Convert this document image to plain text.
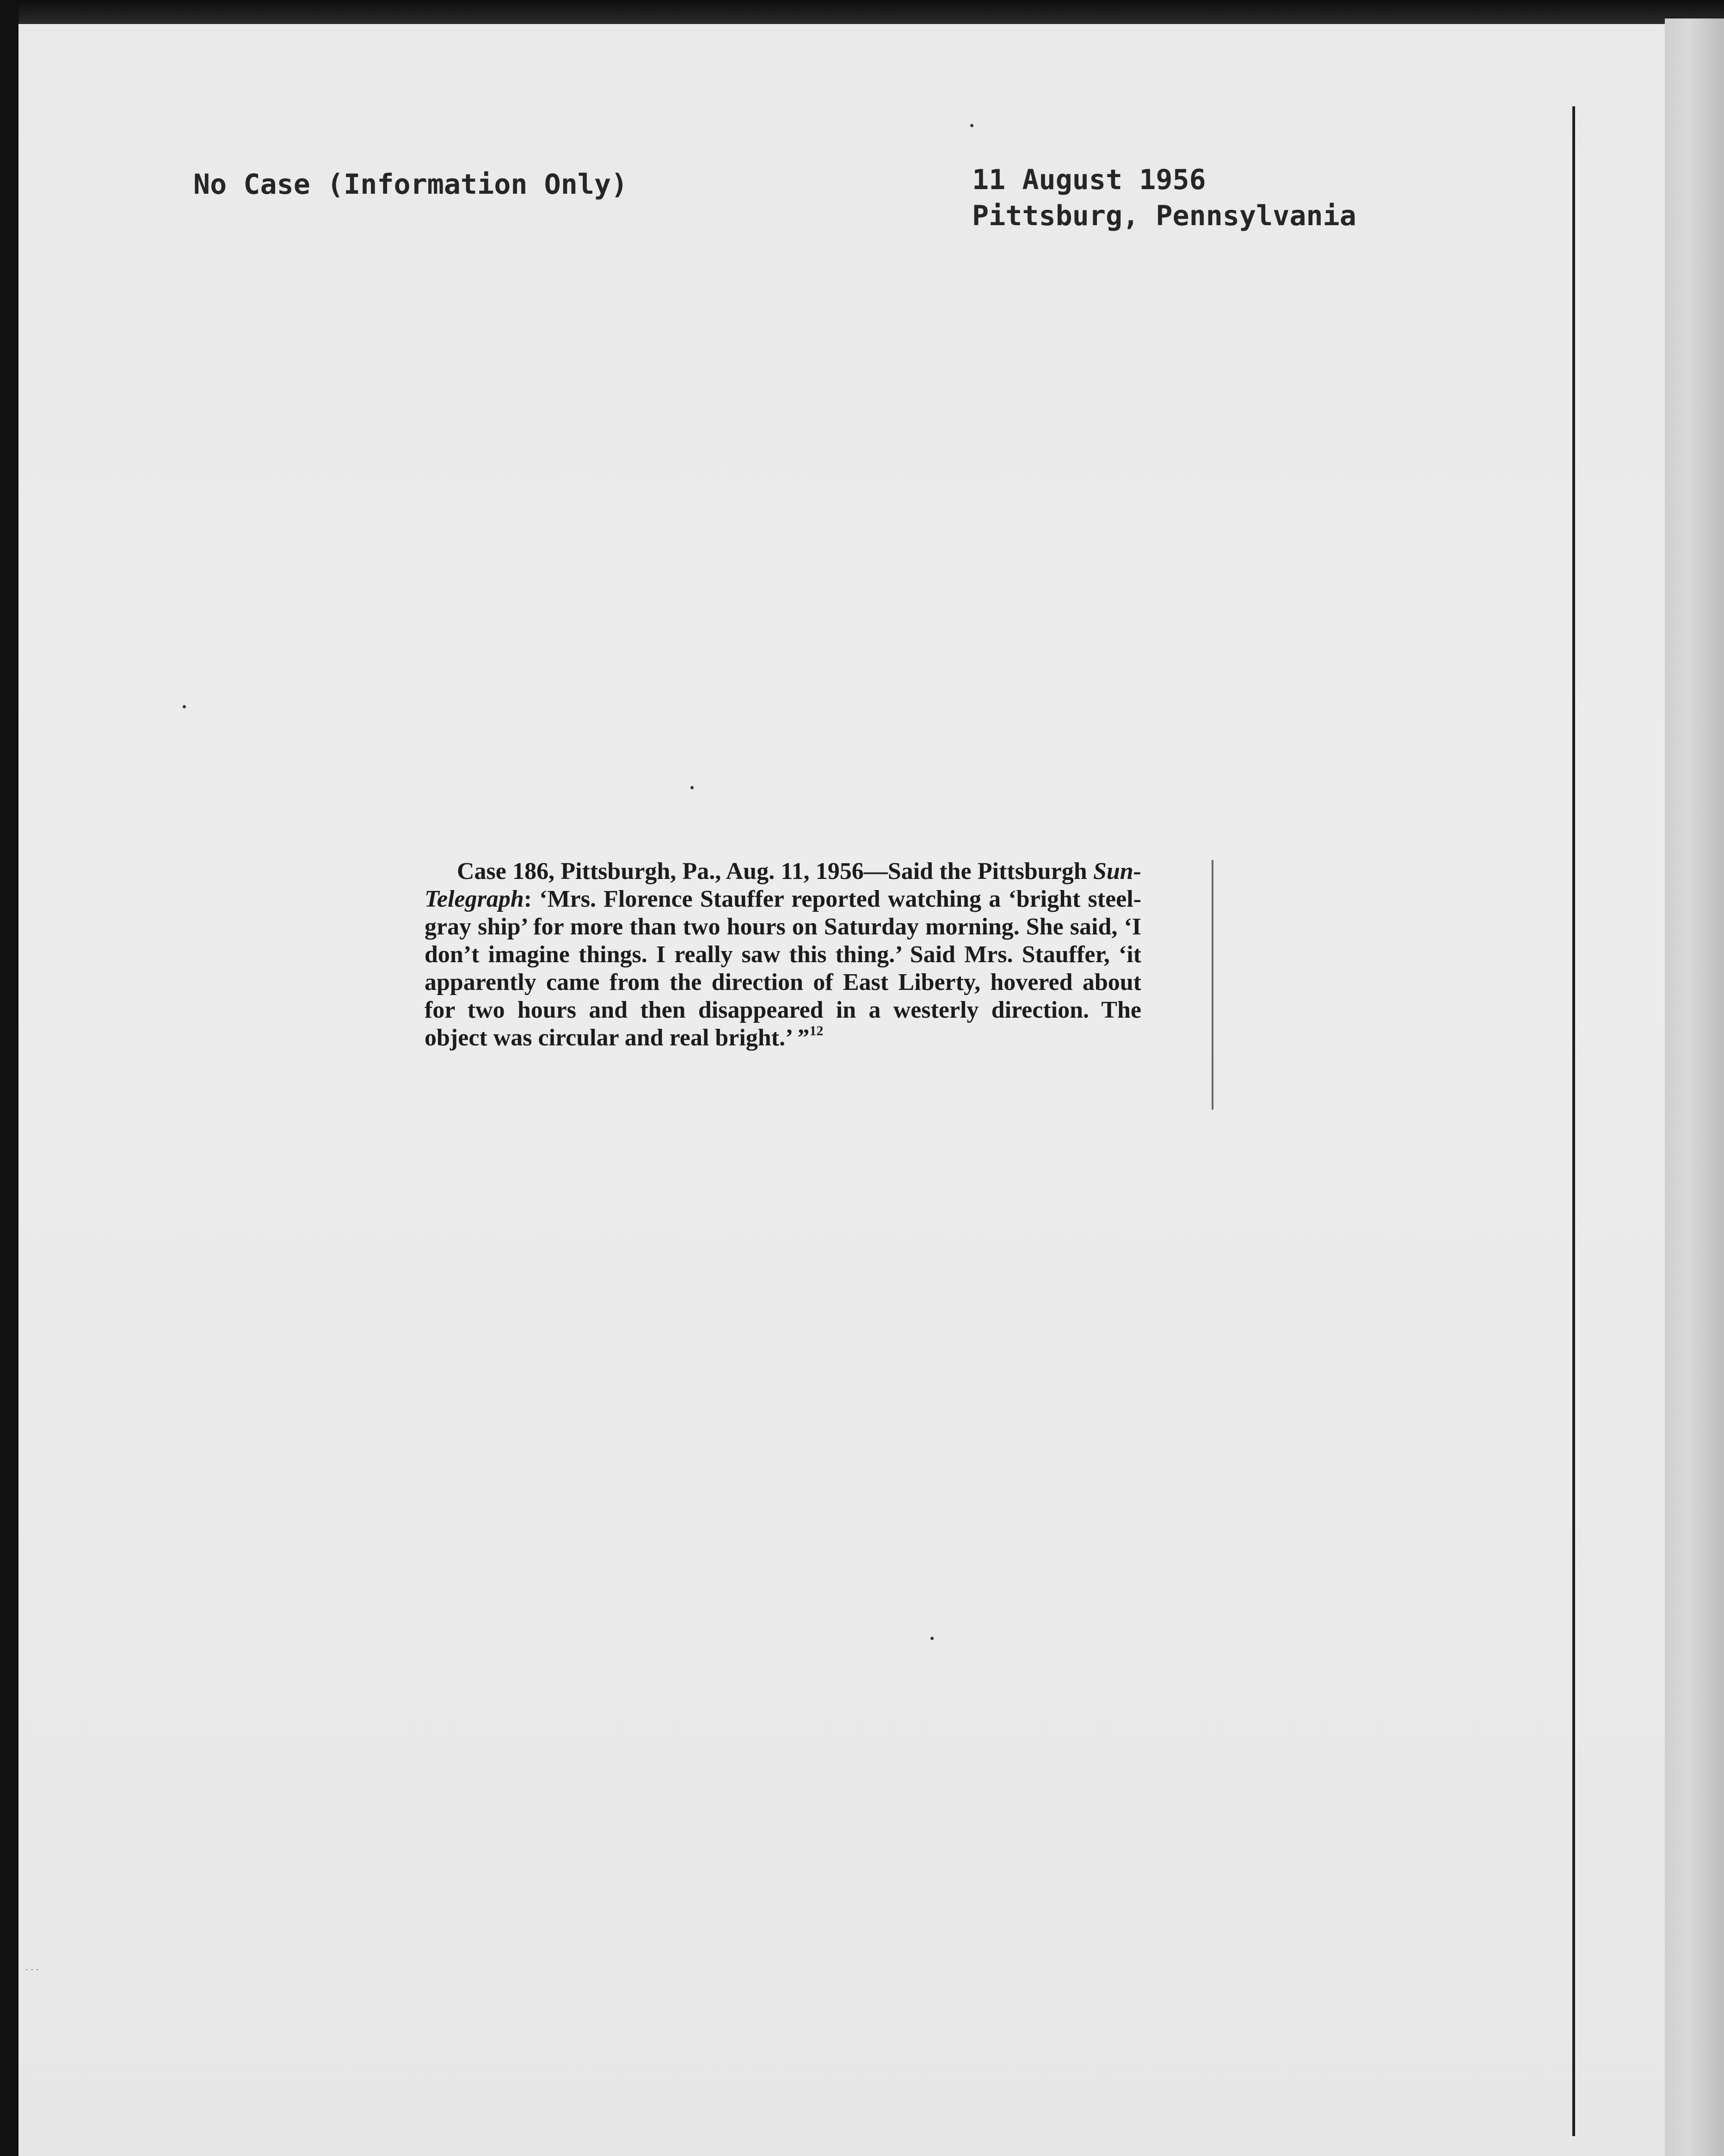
No Case (Information Only)	11 August 1956
Pittsburg, Pennsylvania
Case 186, Pittsburgh, Pa., Aug. 11, 1956—Said the Pittsburgh Sun-Telegraph: ‘Mrs. Florence Stauffer reported watching a ‘bright steel-gray ship’ for more than two hours on Saturday morning. She said, ‘I don’t imagine things. I really saw this thing.’ Said Mrs. Stauffer, ‘it apparently came from the direction of East Liberty, hovered about for two hours and then disappeared in a westerly direction. The object was circular and real bright.’ ”$^{12}$
· · ·
